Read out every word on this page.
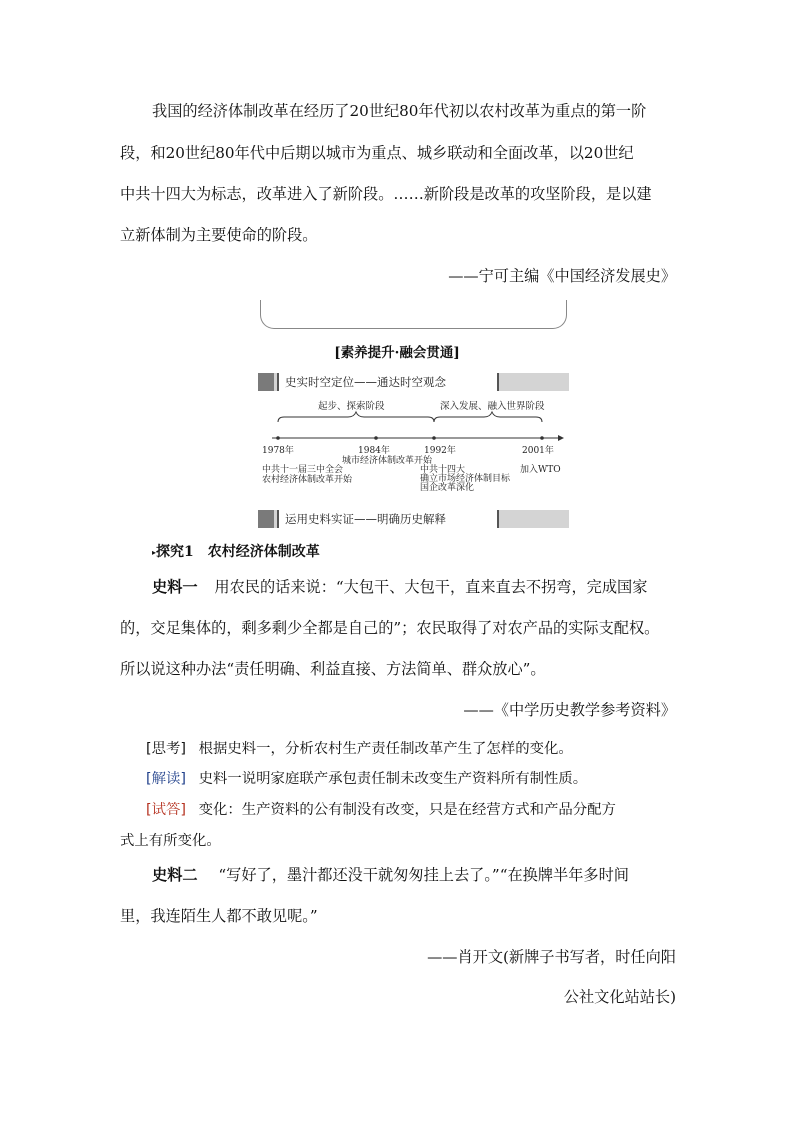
我国的经济体制改革在经历了20世纪80年代初以农村改革为重点的第一阶

段，和20世纪80年代中后期以城市为重点、城乡联动和全面改革，以20世纪

中共十四大为标志，改革进入了新阶段。……新阶段是改革的攻坚阶段，是以建

立新体制为主要使命的阶段。

——宁可主编《中国经济发展史》
[素养提升·融会贯通]
史实时空定位——通达时空观念
起步、探索阶段	深入发展、融入世界阶段
1978年	1984年	1992年	2001年
城市经济体制改革开始
中共十一届三中全会
农村经济体制改革开始
中共十四大
确立市场经济体制目标
国企改革深化
加入WTO
运用史料实证——明确历史解释
▸探究1　农村经济体制改革
史料一 用农民的话来说：“大包干、大包干，直来直去不拐弯，完成国家

的，交足集体的，剩多剩少全都是自己的”；农民取得了对农产品的实际支配权。

所以说这种办法“责任明确、利益直接、方法简单、群众放心”。

——《中学历史教学参考资料》
[思考] 根据史料一，分析农村生产责任制改革产生了怎样的变化。
[解读] 史料一说明家庭联产承包责任制未改变生产资料所有制性质。
[试答] 变化：生产资料的公有制没有改变，只是在经营方式和产品分配方

式上有所变化。

史料二 “写好了，墨汁都还没干就匆匆挂上去了。”“在换牌半年多时间

里，我连陌生人都不敢见呢。”

——肖开文(新牌子书写者，时任向阳
公社文化站站长)
